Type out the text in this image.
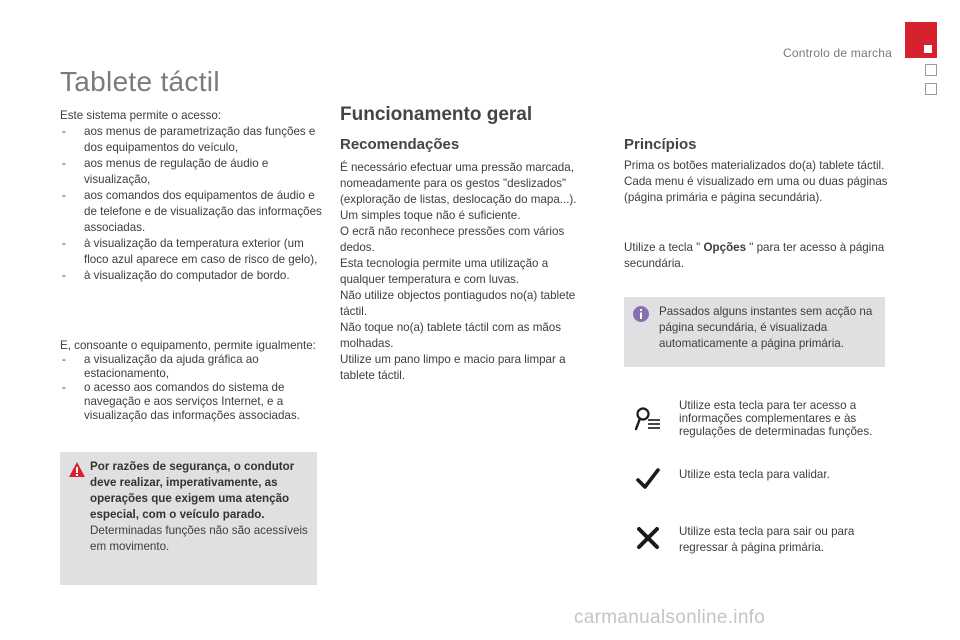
Controlo de marcha
Tablete táctil

Este sistema permite o acesso:

- aos menus de parametrização das funções e dos equipamentos do veículo,
- aos menus de regulação de áudio e visualização,
- aos comandos dos equipamentos de áudio e de telefone e de visualização das informações associadas.
- à visualização da temperatura exterior (um floco azul aparece em caso de risco de gelo),
- à visualização do computador de bordo.

E, consoante o equipamento, permite igualmente:

- a visualização da ajuda gráfica ao estacionamento,
- o acesso aos comandos do sistema de navegação e aos serviços Internet, e a visualização das informações associadas.
Por razões de segurança, o condutor deve realizar, imperativamente, as operações que exigem uma atenção especial, com o veículo parado.
Determinadas funções não são acessíveis em movimento.
Funcionamento geral
Recomendações

É necessário efectuar uma pressão marcada, nomeadamente para os gestos "deslizados" (exploração de listas, deslocação do mapa...).

Um simples toque não é suficiente.

O ecrã não reconhece pressões com vários dedos.

Esta tecnologia permite uma utilização a qualquer temperatura e com luvas.

Não utilize objectos pontiagudos no(a) tablete táctil.

Não toque no(a) tablete táctil com as mãos molhadas.

Utilize um pano limpo e macio para limpar a tablete táctil.

Princípios

Prima os botões materializados do(a) tablete táctil.

Cada menu é visualizado em uma ou duas páginas (página primária e página secundária).

Utilize a tecla " Opções " para ter acesso à página secundária.
Passados alguns instantes sem acção na página secundária, é visualizada automaticamente a página primária.
Utilize esta tecla para ter acesso a informações complementares e às regulações de determinadas funções.
Utilize esta tecla para validar.
Utilize esta tecla para sair ou para regressar à página primária.
carmanualsonline.info
